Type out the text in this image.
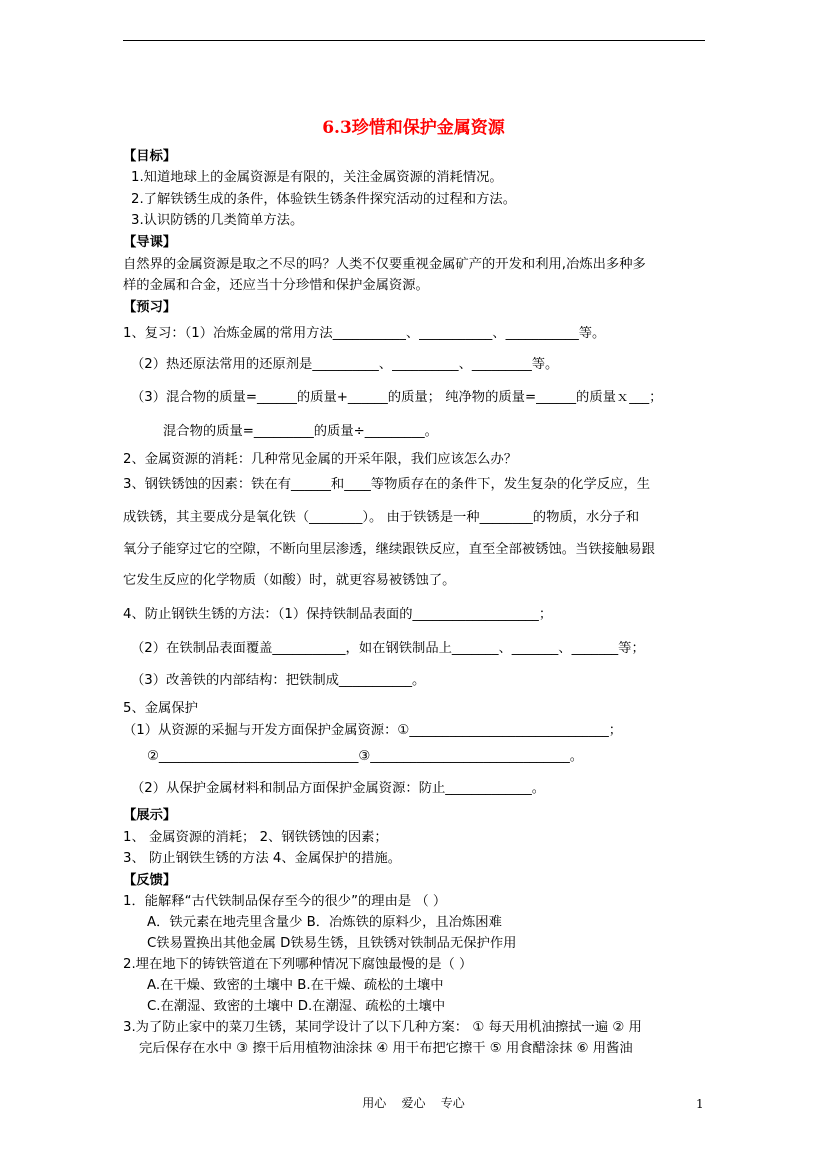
6.3珍惜和保护金属资源
【目标】
1.知道地球上的金属资源是有限的，关注金属资源的消耗情况。
2.了解铁锈生成的条件，体验铁生锈条件探究活动的过程和方法。
3.认识防锈的几类简单方法。
【导课】
自然界的金属资源是取之不尽的吗？人类不仅要重视金属矿产的开发和利用,冶炼出多种多
样的金属和合金，还应当十分珍惜和保护金属资源。
【预习】
1、复习：（1）冶炼金属的常用方法___________、___________、___________等。
（2）热还原法常用的还原剂是__________、__________、_________等。
（3）混合物的质量=______的质量+______的质量； 纯净物的质量=______的质量ｘ___；
混合物的质量=_________的质量÷_________。
2、金属资源的消耗：几种常见金属的开采年限，我们应该怎么办？
3、钢铁锈蚀的因素：铁在有______和____等物质存在的条件下，发生复杂的化学反应，生
成铁锈，其主要成分是氧化铁（________）。 由于铁锈是一种________的物质，水分子和
氧分子能穿过它的空隙，不断向里层渗透，继续跟铁反应，直至全部被锈蚀。当铁接触易跟
它发生反应的化学物质（如酸）时，就更容易被锈蚀了。
4、防止钢铁生锈的方法：（1）保持铁制品表面的___________________；
（2）在铁制品表面覆盖___________，如在钢铁制品上_______、_______、_______等；
（3）改善铁的内部结构：把铁制成___________。
5、金属保护
（1）从资源的采掘与开发方面保护金属资源：①______________________________；
②______________________________③______________________________。
（2）从保护金属材料和制品方面保护金属资源：防止_____________。
【展示】
1、 金属资源的消耗； 2、钢铁锈蚀的因素；
3、 防止钢铁生锈的方法 4、金属保护的措施。
【反馈】
1．能解释“古代铁制品保存至今的很少”的理由是 （ ）
A．铁元素在地壳里含量少 B．冶炼铁的原料少，且冶炼困难
C铁易置换出其他金属 D铁易生锈，且铁锈对铁制品无保护作用
2.埋在地下的铸铁管道在下列哪种情况下腐蚀最慢的是（ ）
A.在干燥、致密的土壤中 B.在干燥、疏松的土壤中
C.在潮湿、致密的土壤中 D.在潮湿、疏松的土壤中
3.为了防止家中的菜刀生锈，某同学设计了以下几种方案： ① 每天用机油擦拭一遍 ② 用
完后保存在水中 ③ 擦干后用植物油涂抹 ④ 用干布把它擦干 ⑤ 用食醋涂抹 ⑥ 用酱油
用心    爱心    专心	1
